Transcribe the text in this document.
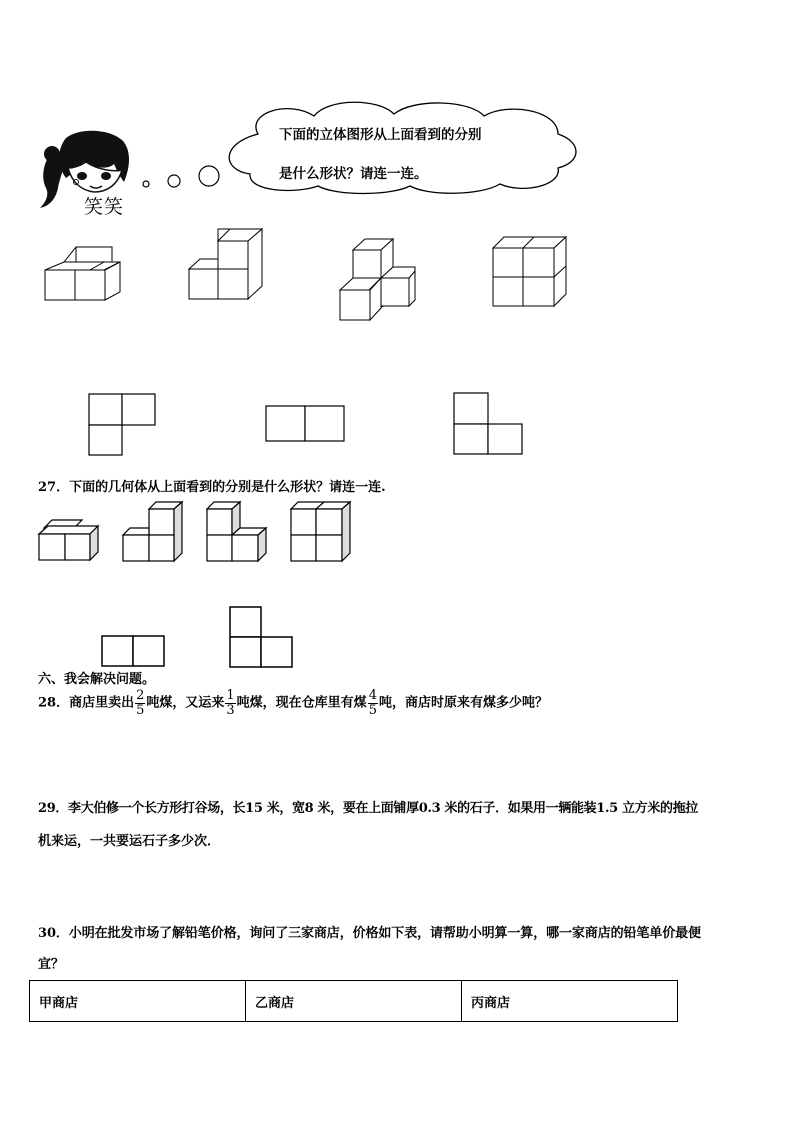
笑笑
下面的立体图形从上面看到的分别
是什么形状？请连一连。
27．下面的几何体从上面看到的分别是什么形状？请连一连.
六、我会解决问题。
28．商店里卖出 $\frac{2}{5}$ 吨煤，又运来 $\frac{1}{3}$ 吨煤，现在仓库里有煤 $\frac{4}{5}$ 吨，商店时原来有煤多少吨？
29．李大伯修一个长方形打谷场，长15 米，宽8 米，要在上面铺厚0.3 米的石子．如果用一辆能装1.5 立方米的拖拉
机来运，一共要运石子多少次．
30．小明在批发市场了解铅笔价格，询问了三家商店，价格如下表，请帮助小明算一算，哪一家商店的铅笔单价最便
宜？
甲商店	乙商店	丙商店
